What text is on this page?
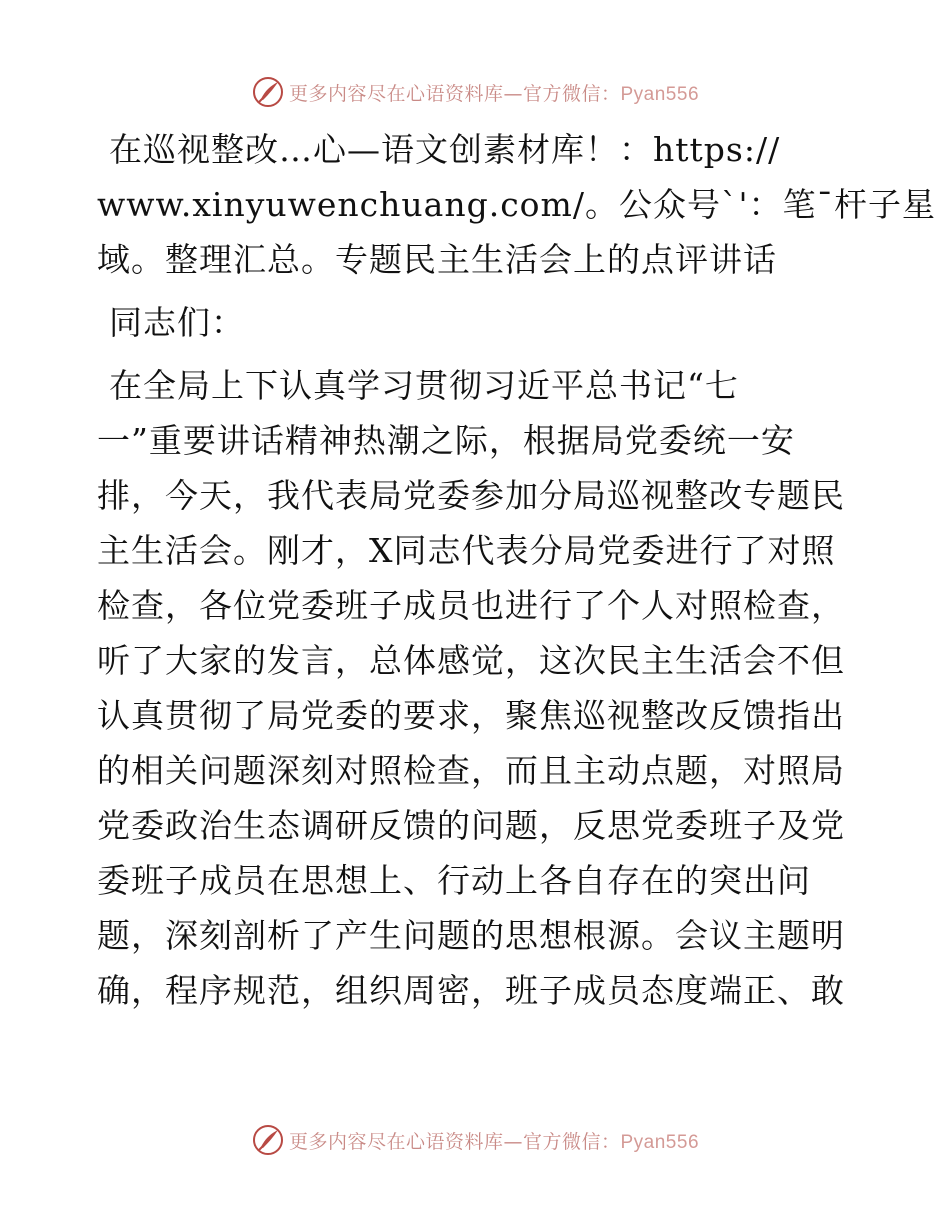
更多内容尽在心语资料库—官方微信：Pyan556

在巡视整改…心—语文创素材库！：https://
www.xinyuwenchuang.com/。公众号ˋ'：笔¯杆子星
域。整理汇总。专题民主生活会上的点评讲话

同志们：

在全局上下认真学习贯彻习近平总书记“七
一”重要讲话精神热潮之际，根据局党委统一安
排，今天，我代表局党委参加分局巡视整改专题民
主生活会。刚才，X同志代表分局党委进行了对照
检查，各位党委班子成员也进行了个人对照检查，
听了大家的发言，总体感觉，这次民主生活会不但
认真贯彻了局党委的要求，聚焦巡视整改反馈指出
的相关问题深刻对照检查，而且主动点题，对照局
党委政治生态调研反馈的问题，反思党委班子及党
委班子成员在思想上、行动上各自存在的突出问
题，深刻剖析了产生问题的思想根源。会议主题明
确，程序规范，组织周密，班子成员态度端正、敢

更多内容尽在心语资料库—官方微信：Pyan556
